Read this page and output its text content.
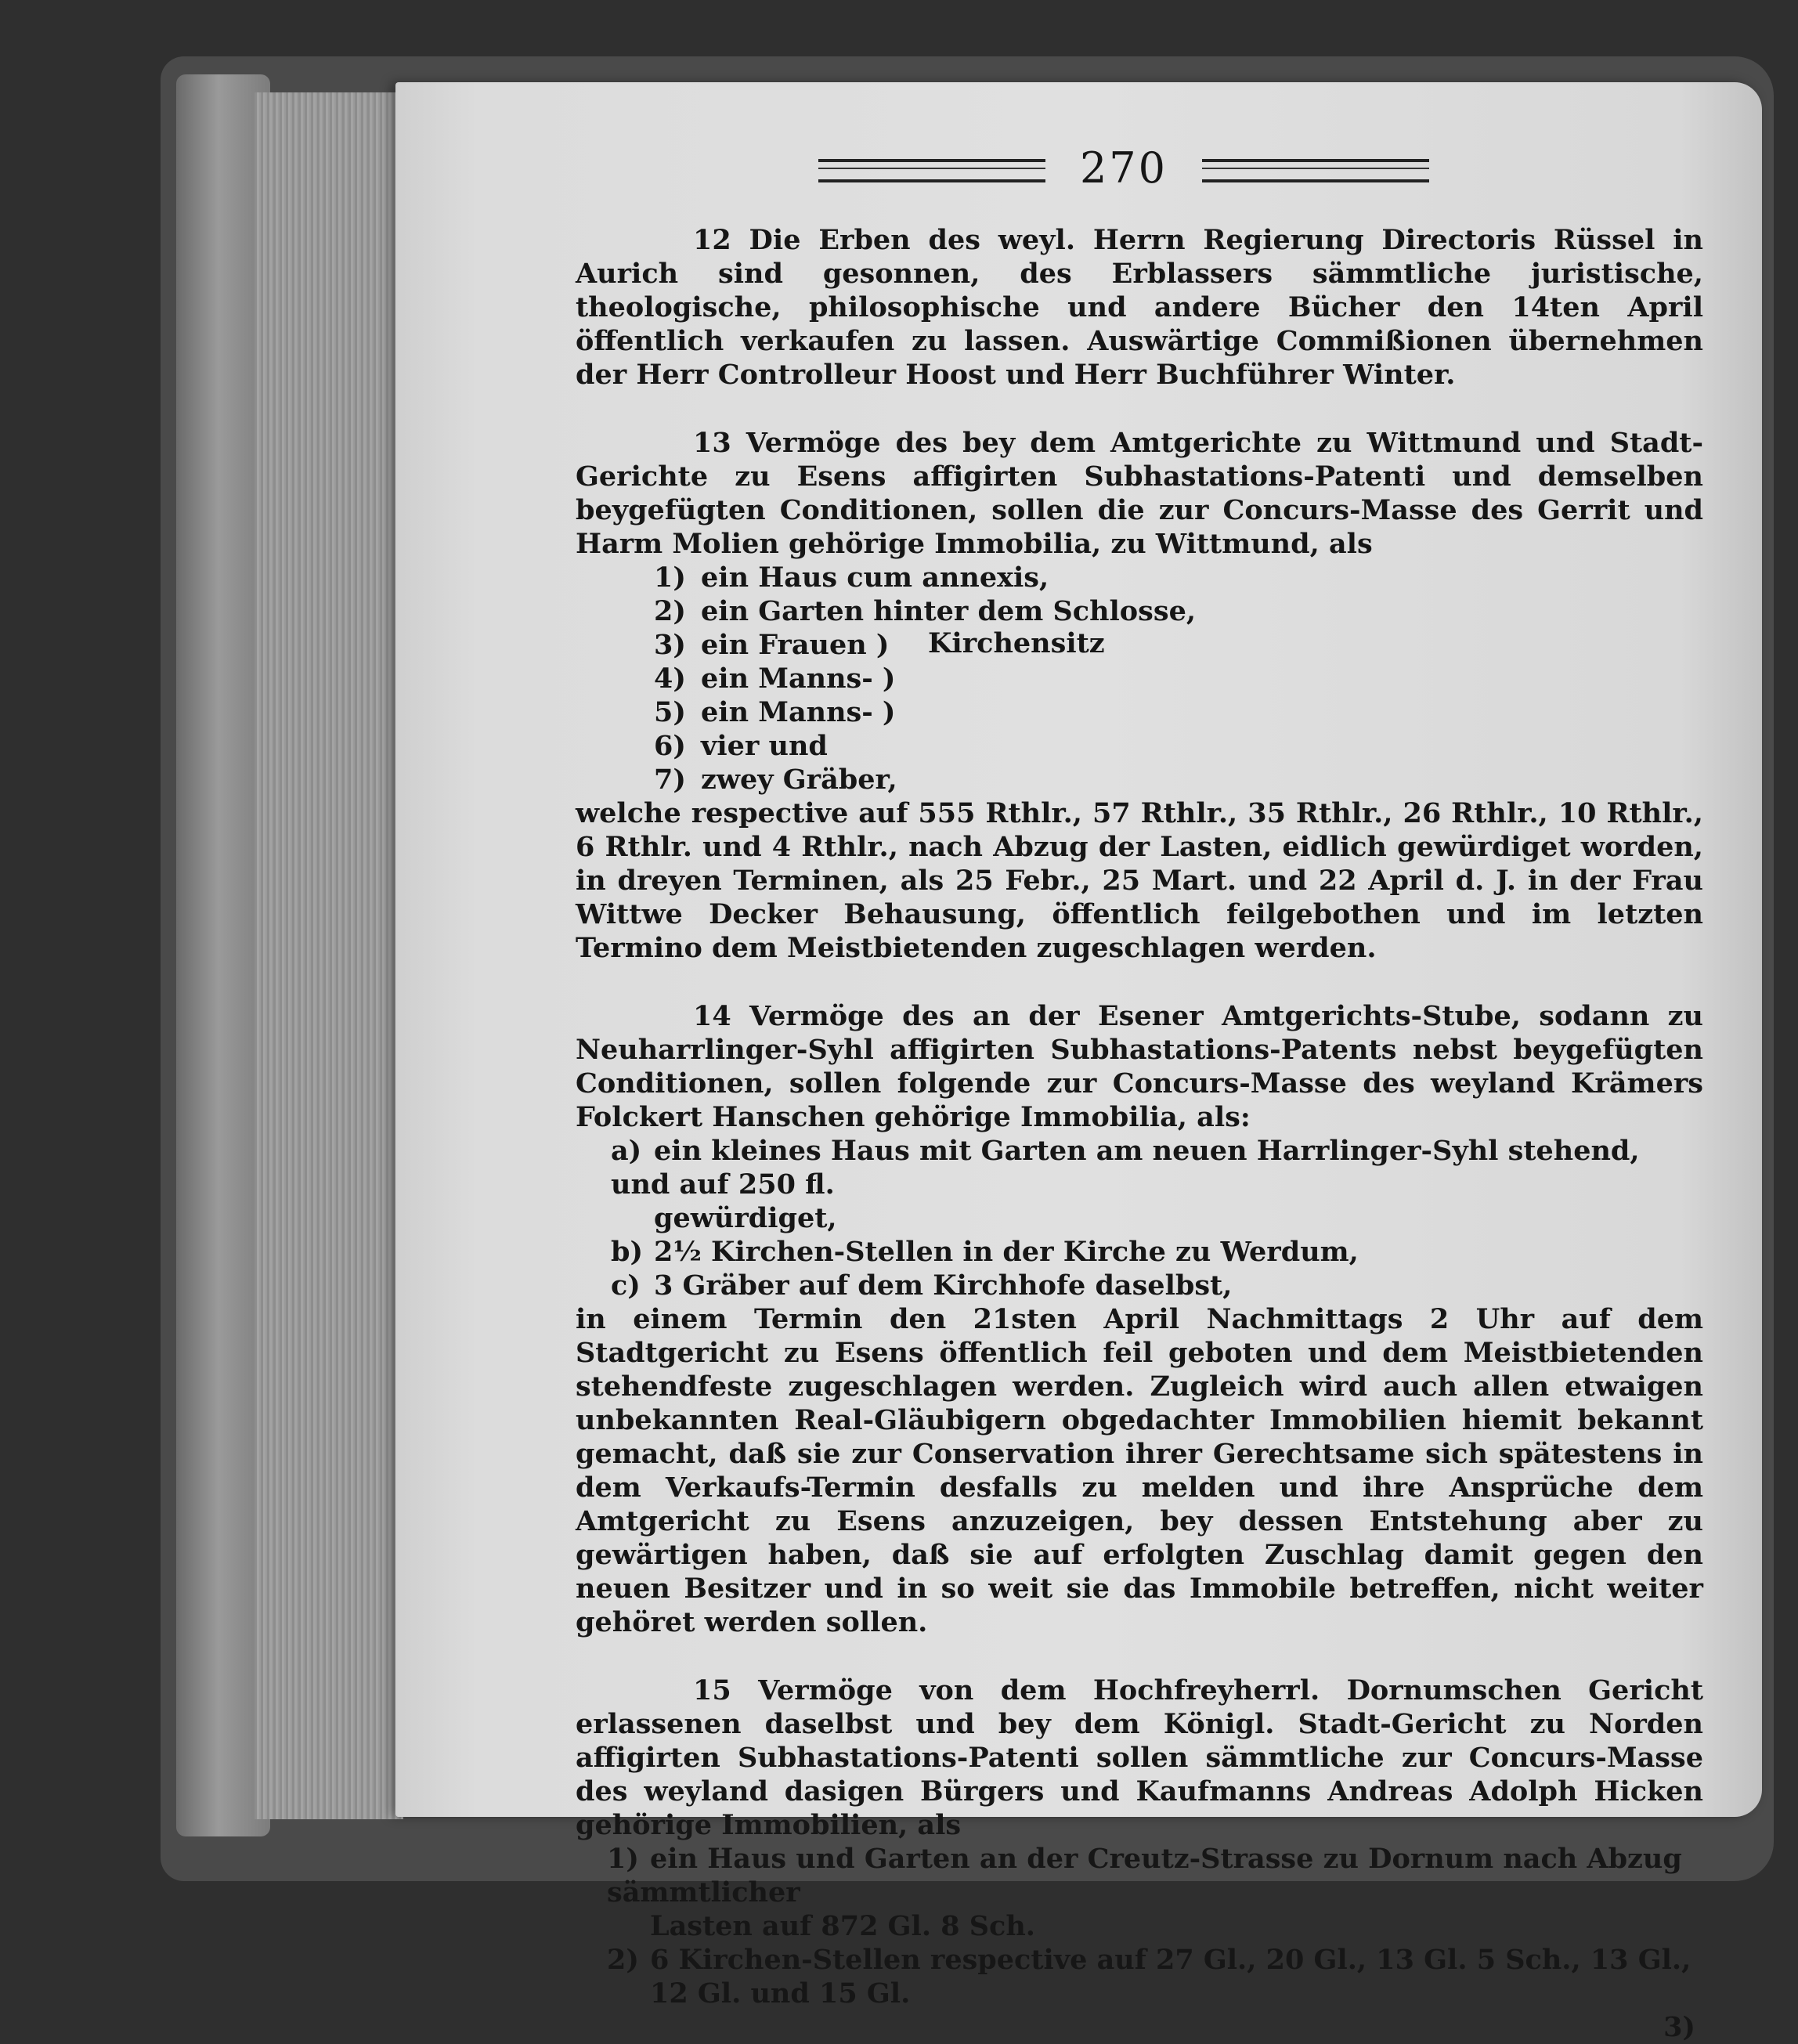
270

12 Die Erben des weyl. Herrn Regierung Directoris Rüssel in Aurich sind gesonnen, des Erblassers sämmtliche juristische, theologische, philosophische und andere Bücher den 14ten April öffentlich verkaufen zu lassen. Auswärtige Commißionen übernehmen der Herr Controlleur Hoost und Herr Buchführer Winter.

13 Vermöge des bey dem Amtgerichte zu Wittmund und Stadt-Gerichte zu Esens affigirten Subhastations-Patenti und demselben beygefügten Conditionen, sollen die zur Concurs-Masse des Gerrit und Harm Molien gehörige Immobilia, zu Wittmund, als

1) ein Haus cum annexis,
2) ein Garten hinter dem Schlosse,
3) ein Frauen )
4) ein Manns- )
5) ein Manns- )
6) vier und
7) zwey Gräber,

welche respective auf 555 Rthlr., 57 Rthlr., 35 Rthlr., 26 Rthlr., 10 Rthlr., 6 Rthlr. und 4 Rthlr., nach Abzug der Lasten, eidlich gewürdiget worden, in dreyen Terminen, als 25 Febr., 25 Mart. und 22 April d. J. in der Frau Wittwe Decker Behausung, öffentlich feilgebothen und im letzten Termino dem Meistbietenden zugeschlagen werden.

14 Vermöge des an der Esener Amtgerichts-Stube, sodann zu Neuharrlinger-Syhl affigirten Subhastations-Patents nebst beygefügten Conditionen, sollen folgende zur Concurs-Masse des weyland Krämers Folckert Hanschen gehörige Immobilia, als:

a) ein kleines Haus mit Garten am neuen Harrlinger-Syhl stehend, und auf 250 fl.
gewürdiget,
b) 2½ Kirchen-Stellen in der Kirche zu Werdum,
c) 3 Gräber auf dem Kirchhofe daselbst,

in einem Termin den 21sten April Nachmittags 2 Uhr auf dem Stadtgericht zu Esens öffentlich feil geboten und dem Meistbietenden stehendfeste zugeschlagen werden. Zugleich wird auch allen etwaigen unbekannten Real-Gläubigern obgedachter Immobilien hiemit bekannt gemacht, daß sie zur Conservation ihrer Gerechtsame sich spätestens in dem Verkaufs-Termin desfalls zu melden und ihre Ansprüche dem Amtgericht zu Esens anzuzeigen, bey dessen Entstehung aber zu gewärtigen haben, daß sie auf erfolgten Zuschlag damit gegen den neuen Besitzer und in so weit sie das Immobile betreffen, nicht weiter gehöret werden sollen.

15 Vermöge von dem Hochfreyherrl. Dornumschen Gericht erlassenen daselbst und bey dem Königl. Stadt-Gericht zu Norden affigirten Subhastations-Patenti sollen sämmtliche zur Concurs-Masse des weyland dasigen Bürgers und Kaufmanns Andreas Adolph Hicken gehörige Immobilien, als

1) ein Haus und Garten an der Creutz-Strasse zu Dornum nach Abzug sämmtlicher
Lasten auf 872 Gl. 8 Sch.
2) 6 Kirchen-Stellen respective auf 27 Gl., 20 Gl., 13 Gl. 5 Sch., 13 Gl.,
12 Gl. und 15 Gl.
3)
Kirchensitz
